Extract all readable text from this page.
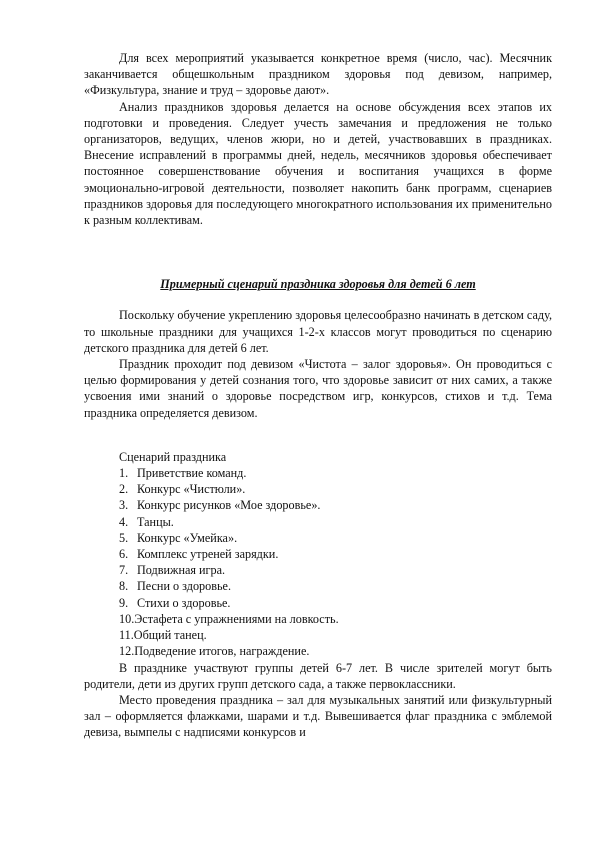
Для всех мероприятий указывается конкретное время (число, час). Месячник заканчивается общешкольным праздником здоровья под девизом, например, «Физкультура, знание и труд – здоровье дают».

Анализ праздников здоровья делается на основе обсуждения всех этапов их подготовки и проведения. Следует учесть замечания и предложения не только организаторов, ведущих, членов жюри, но и детей, участвовавших в праздниках. Внесение исправлений в программы дней, недель, месячников здоровья обеспечивает постоянное совершенствование обучения и воспитания учащихся в форме эмоционально-игровой деятельности, позволяет накопить банк программ, сценариев праздников здоровья для последующего многократного использования их применительно к разным коллективам.

Примерный сценарий праздника здоровья для детей 6 лет

Поскольку обучение укреплению здоровья целесообразно начинать в детском саду, то школьные праздники для учащихся 1-2-х классов могут проводиться по сценарию детского праздника для детей 6 лет.

Праздник проходит под девизом «Чистота – залог здоровья». Он проводиться с целью формирования у детей сознания того, что здоровье зависит от них самих, а также усвоения ими знаний о здоровье посредством игр, конкурсов, стихов и т.д. Тема праздника определяется девизом.

Сценарий праздника
1. Приветствие команд.
2. Конкурс «Чистюли».
3. Конкурс рисунков «Мое здоровье».
4. Танцы.
5. Конкурс «Умейка».
6. Комплекс утреней зарядки.
7. Подвижная игра.
8. Песни о здоровье.
9. Стихи о здоровье.
10. Эстафета с упражнениями на ловкость.
11. Общий танец.
12. Подведение итогов, награждение.

В празднике участвуют группы детей 6-7 лет. В числе зрителей могут быть родители, дети из других групп детского сада, а также первоклассники.

Место проведения праздника – зал для музыкальных занятий или физкультурный зал – оформляется флажками, шарами и т.д. Вывешивается флаг праздника с эмблемой девиза, вымпелы с надписями конкурсов и
